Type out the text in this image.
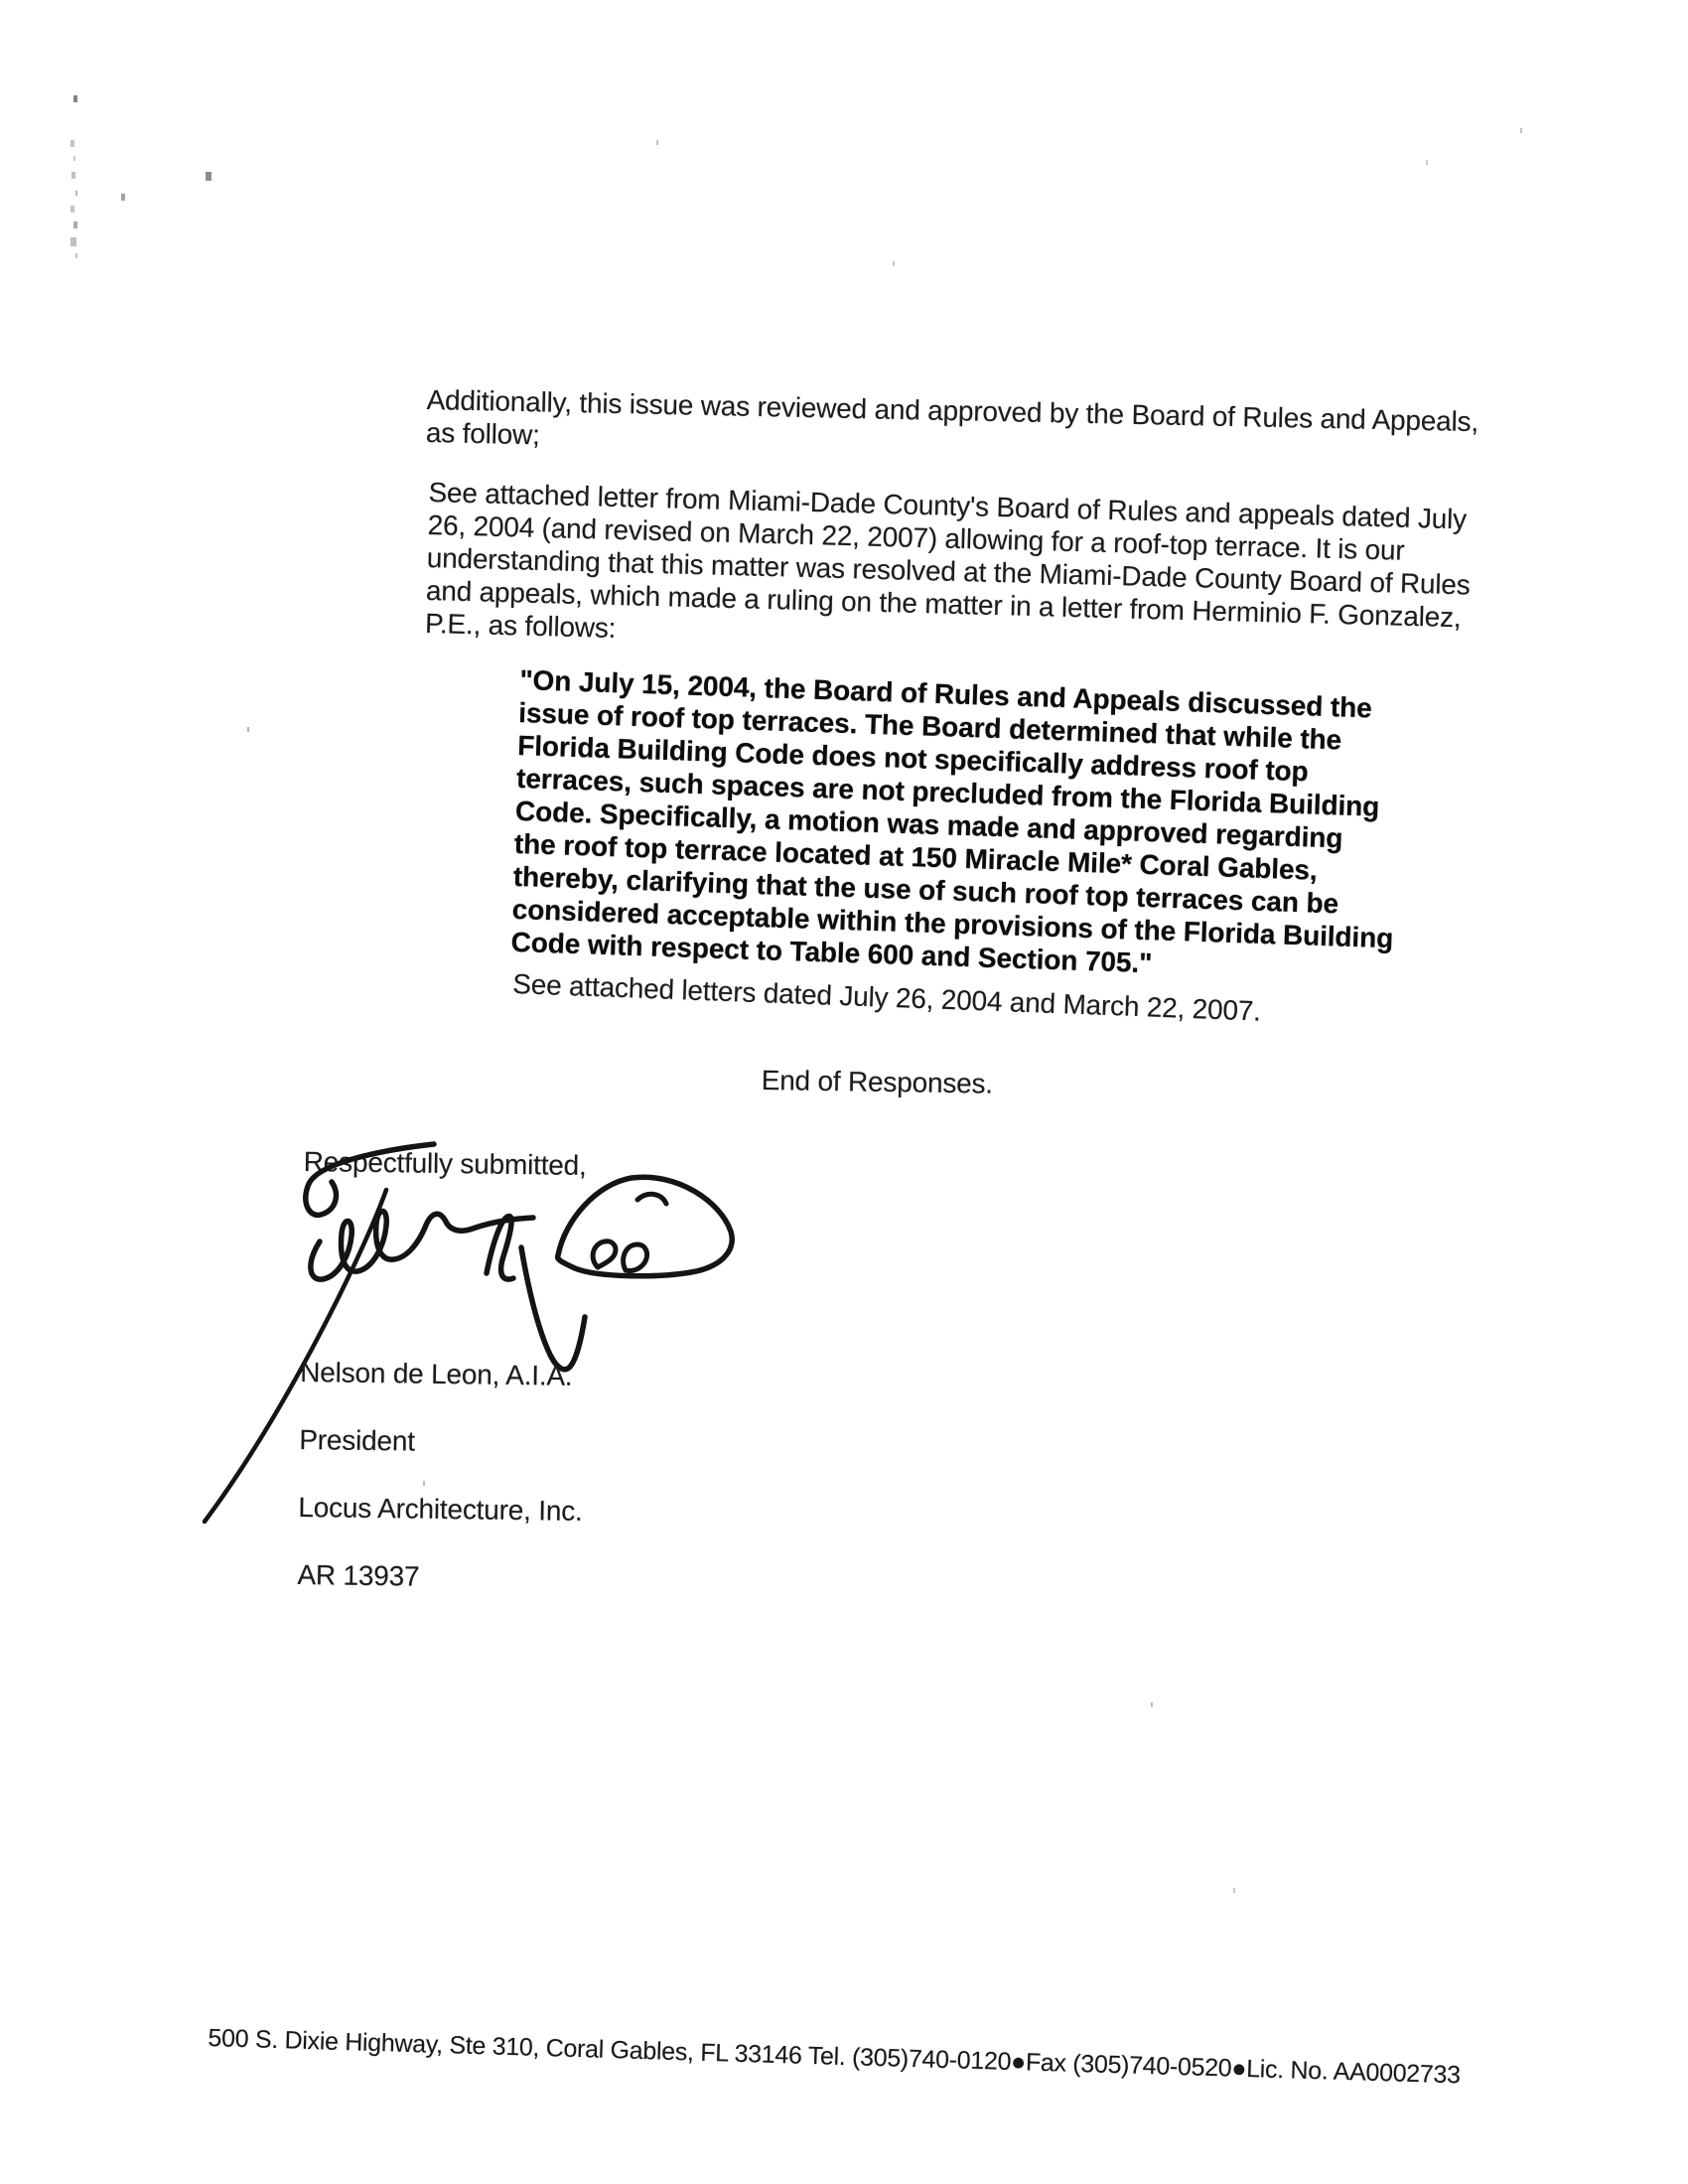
Additionally, this issue was reviewed and approved by the Board of Rules and Appeals,
as follow;
See attached letter from Miami-Dade County's Board of Rules and appeals dated July
26, 2004 (and revised on March 22, 2007) allowing for a roof-top terrace. It is our
understanding that this matter was resolved at the Miami-Dade County Board of Rules
and appeals, which made a ruling on the matter in a letter from Herminio F. Gonzalez,
P.E., as follows:
"On July 15, 2004, the Board of Rules and Appeals discussed the
issue of roof top terraces. The Board determined that while the
Florida Building Code does not specifically address roof top
terraces, such spaces are not precluded from the Florida Building
Code. Specifically, a motion was made and approved regarding
the roof top terrace located at 150 Miracle Mile* Coral Gables,
thereby, clarifying that the use of such roof top terraces can be
considered acceptable within the provisions of the Florida Building
Code with respect to Table 600 and Section 705."
See attached letters dated July 26, 2004 and March 22, 2007.
End of Responses.
Respectfully submitted,

Nelson de Leon, A.I.A.

President

Locus Architecture, Inc.

AR 13937

500 S. Dixie Highway, Ste 310, Coral Gables, FL 33146 Tel. (305)740-0120●Fax (305)740-0520●Lic. No. AA0002733
